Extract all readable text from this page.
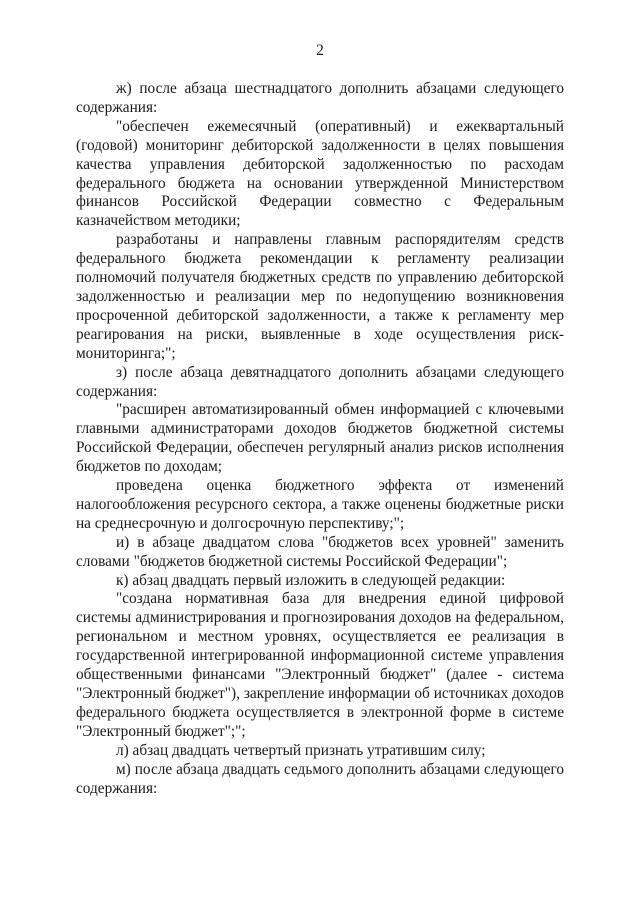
2

ж) после абзаца шестнадцатого дополнить абзацами следующего содержания:

"обеспечен ежемесячный (оперативный) и ежеквартальный (годовой) мониторинг дебиторской задолженности в целях повышения качества управления дебиторской задолженностью по расходам федерального бюджета на основании утвержденной Министерством финансов Российской Федерации совместно с Федеральным казначейством методики;

разработаны и направлены главным распорядителям средств федерального бюджета рекомендации к регламенту реализации полномочий получателя бюджетных средств по управлению дебиторской задолженностью и реализации мер по недопущению возникновения просроченной дебиторской задолженности, а также к регламенту мер реагирования на риски, выявленные в ходе осуществления риск-мониторинга;";

з) после абзаца девятнадцатого дополнить абзацами следующего содержания:

"расширен автоматизированный обмен информацией с ключевыми главными администраторами доходов бюджетов бюджетной системы Российской Федерации, обеспечен регулярный анализ рисков исполнения бюджетов по доходам;

проведена оценка бюджетного эффекта от изменений налогообложения ресурсного сектора, а также оценены бюджетные риски на среднесрочную и долгосрочную перспективу;";

и) в абзаце двадцатом слова "бюджетов всех уровней" заменить словами "бюджетов бюджетной системы Российской Федерации";

к) абзац двадцать первый изложить в следующей редакции:

"создана нормативная база для внедрения единой цифровой системы администрирования и прогнозирования доходов на федеральном, региональном и местном уровнях, осуществляется ее реализация в государственной интегрированной информационной системе управления общественными финансами "Электронный бюджет" (далее - система "Электронный бюджет"), закрепление информации об источниках доходов федерального бюджета осуществляется в электронной форме в системе "Электронный бюджет";";

л) абзац двадцать четвертый признать утратившим силу;

м) после абзаца двадцать седьмого дополнить абзацами следующего содержания:
